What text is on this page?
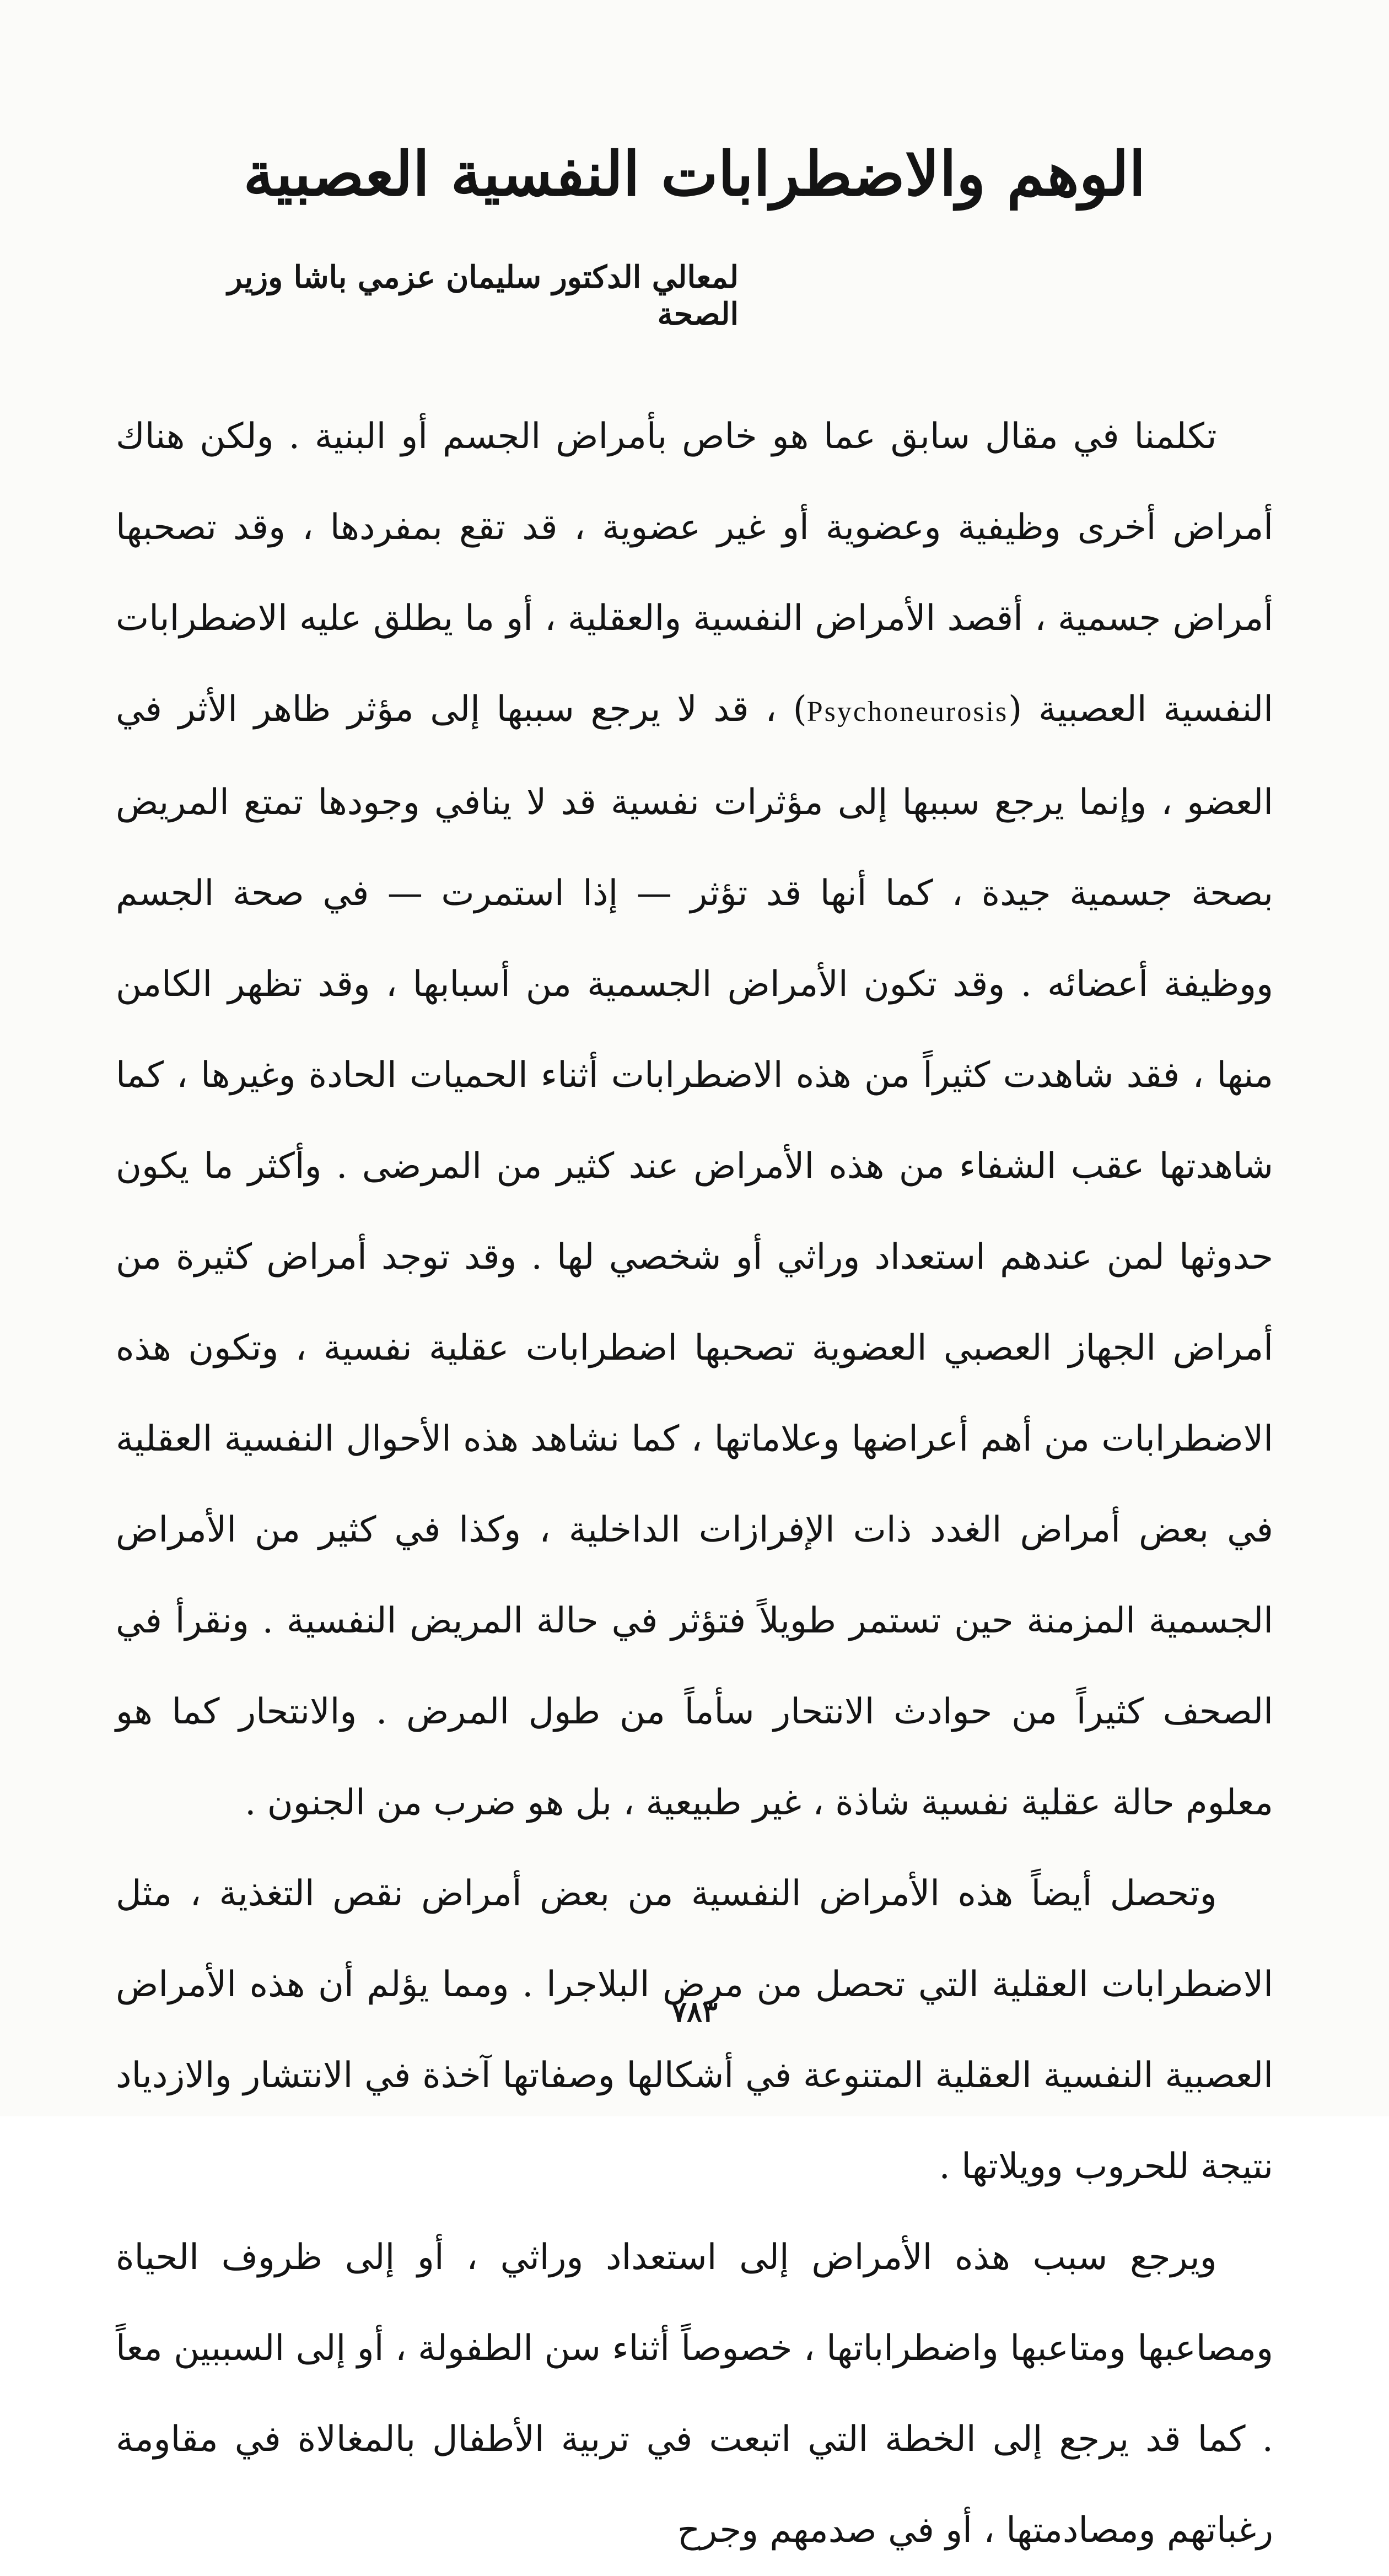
الوهم والاضطرابات النفسية العصبية
لمعالي الدكتور سليمان عزمي باشا وزير الصحة

تكلمنا في مقال سابق عما هو خاص بأمراض الجسم أو البنية . ولكن هناك أمراض أخرى وظيفية وعضوية أو غير عضوية ، قد تقع بمفردها ، وقد تصحبها أمراض جسمية ، أقصد الأمراض النفسية والعقلية ، أو ما يطلق عليه الاضطرابات النفسية العصبية (Psychoneurosis) ، قد لا يرجع سببها إلى مؤثر ظاهر الأثر في العضو ، وإنما يرجع سببها إلى مؤثرات نفسية قد لا ينافي وجودها تمتع المريض بصحة جسمية جيدة ، كما أنها قد تؤثر — إذا استمرت — في صحة الجسم ووظيفة أعضائه . وقد تكون الأمراض الجسمية من أسبابها ، وقد تظهر الكامن منها ، فقد شاهدت كثيراً من هذه الاضطرابات أثناء الحميات الحادة وغيرها ، كما شاهدتها عقب الشفاء من هذه الأمراض عند كثير من المرضى . وأكثر ما يكون حدوثها لمن عندهم استعداد وراثي أو شخصي لها . وقد توجد أمراض كثيرة من أمراض الجهاز العصبي العضوية تصحبها اضطرابات عقلية نفسية ، وتكون هذه الاضطرابات من أهم أعراضها وعلاماتها ، كما نشاهد هذه الأحوال النفسية العقلية في بعض أمراض الغدد ذات الإفرازات الداخلية ، وكذا في كثير من الأمراض الجسمية المزمنة حين تستمر طويلاً فتؤثر في حالة المريض النفسية . ونقرأ في الصحف كثيراً من حوادث الانتحار سأماً من طول المرض . والانتحار كما هو معلوم حالة عقلية نفسية شاذة ، غير طبيعية ، بل هو ضرب من الجنون .

وتحصل أيضاً هذه الأمراض النفسية من بعض أمراض نقص التغذية ، مثل الاضطرابات العقلية التي تحصل من مرض البلاجرا . ومما يؤلم أن هذه الأمراض العصبية النفسية العقلية المتنوعة في أشكالها وصفاتها آخذة في الانتشار والازدياد نتيجة للحروب وويلاتها .

ويرجع سبب هذه الأمراض إلى استعداد وراثي ، أو إلى ظروف الحياة ومصاعبها ومتاعبها واضطراباتها ، خصوصاً أثناء سن الطفولة ، أو إلى السببين معاً . كما قد يرجع إلى الخطة التي اتبعت في تربية الأطفال بالمغالاة في مقاومة رغباتهم ومصادمتها ، أو في صدمهم وجرح

٧٨٣
